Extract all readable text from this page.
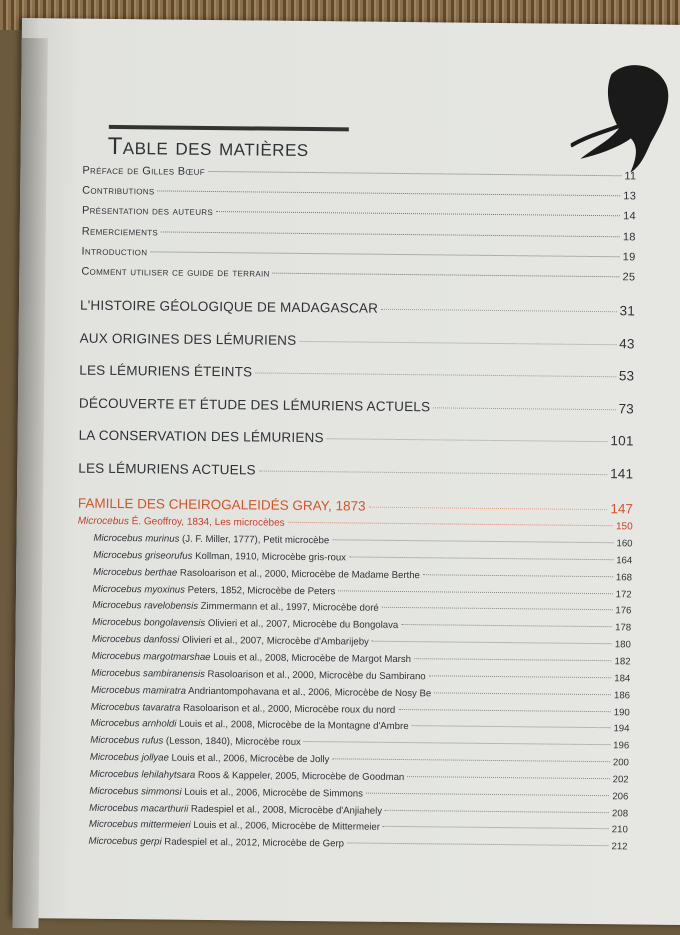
Table des matières
Préface de Gilles Bœuf	11
Contributions	13
Présentation des auteurs	14
Remerciements	18
Introduction	19
Comment utiliser ce guide de terrain	25
L'HISTOIRE GÉOLOGIQUE DE MADAGASCAR	31
AUX ORIGINES DES LÉMURIENS	43
LES LÉMURIENS ÉTEINTS	53
DÉCOUVERTE ET ÉTUDE DES LÉMURIENS ACTUELS	73
LA CONSERVATION DES LÉMURIENS	101
LES LÉMURIENS ACTUELS	141
FAMILLE DES CHEIROGALEIDÉS GRAY, 1873	147
Microcebus É. Geoffroy, 1834, Les microcèbes	150
Microcebus murinus (J. F. Miller, 1777), Petit microcèbe	160
Microcebus griseorufus Kollman, 1910, Microcèbe gris-roux	164
Microcebus berthae Rasoloarison et al., 2000, Microcèbe de Madame Berthe	168
Microcebus myoxinus Peters, 1852, Microcèbe de Peters	172
Microcebus ravelobensis Zimmermann et al., 1997, Microcèbe doré	176
Microcebus bongolavensis Olivieri et al., 2007, Microcèbe du Bongolava	178
Microcebus danfossi Olivieri et al., 2007, Microcèbe d'Ambarijeby	180
Microcebus margotmarshae Louis et al., 2008, Microcèbe de Margot Marsh	182
Microcebus sambiranensis Rasoloarison et al., 2000, Microcèbe du Sambirano	184
Microcebus mamiratra Andriantompohavana et al., 2006, Microcèbe de Nosy Be	186
Microcebus tavaratra Rasoloarison et al., 2000, Microcèbe roux du nord	190
Microcebus arnholdi Louis et al., 2008, Microcèbe de la Montagne d'Ambre	194
Microcebus rufus (Lesson, 1840), Microcèbe roux	196
Microcebus jollyae Louis et al., 2006, Microcèbe de Jolly	200
Microcebus lehilahytsara Roos & Kappeler, 2005, Microcèbe de Goodman	202
Microcebus simmonsi Louis et al., 2006, Microcèbe de Simmons	206
Microcebus macarthurii Radespiel et al., 2008, Microcèbe d'Anjiahely	208
Microcebus mittermeieri Louis et al., 2006, Microcèbe de Mittermeier	210
Microcebus gerpi Radespiel et al., 2012, Microcèbe de Gerp	212
